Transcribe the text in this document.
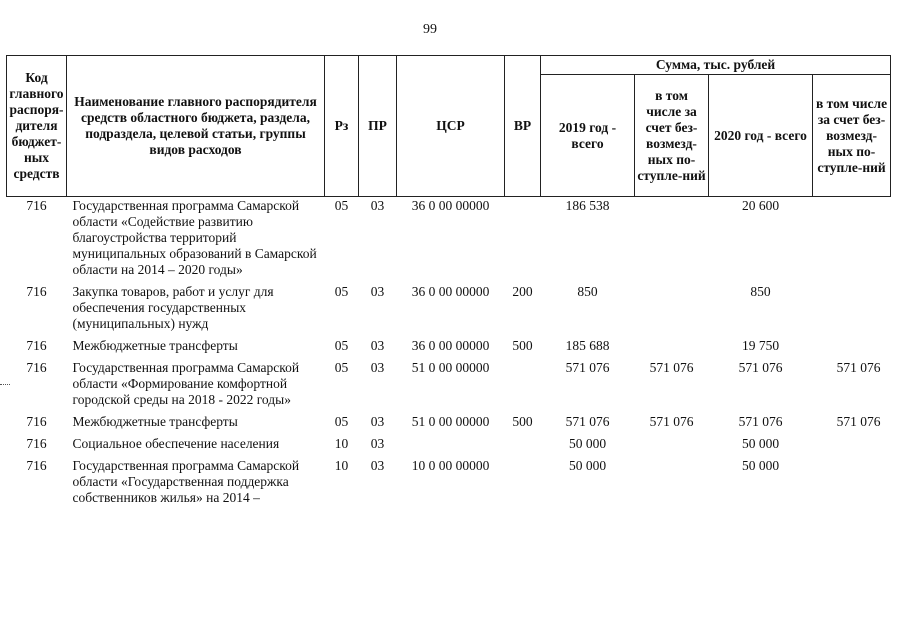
99
Код главного распоря-дителя бюджет-ных средств	Наименование главного распорядителя средств областного бюджета, раздела, подраздела, целевой статьи, группы видов расходов	Рз	ПР	ЦСР	ВР	Сумма, тыс. рублей			
						2019 год - всего	в том числе за счет без-возмезд-ных по-ступле-ний	2020 год - всего	в том числе за счет без-возмезд-ных по-ступле-ний
716	Государственная программа Самарской области «Содействие развитию благоустройства территорий муниципальных образований в Самарской области на 2014 – 2020 годы»	05	03	36 0 00 00000		186 538		20 600	
716	Закупка товаров, работ и услуг для обеспечения государственных (муниципальных) нужд	05	03	36 0 00 00000	200	850		850	
716	Межбюджетные трансферты	05	03	36 0 00 00000	500	185 688		19 750	
716	Государственная программа Самарской области «Формирование комфортной городской среды на 2018 - 2022 годы»	05	03	51 0 00 00000		571 076	571 076	571 076	571 076
716	Межбюджетные трансферты	05	03	51 0 00 00000	500	571 076	571 076	571 076	571 076
716	Социальное обеспечение населения	10	03			50 000		50 000	
716	Государственная программа Самарской области «Государственная поддержка собственников жилья» на 2014 –	10	03	10 0 00 00000		50 000		50 000	
